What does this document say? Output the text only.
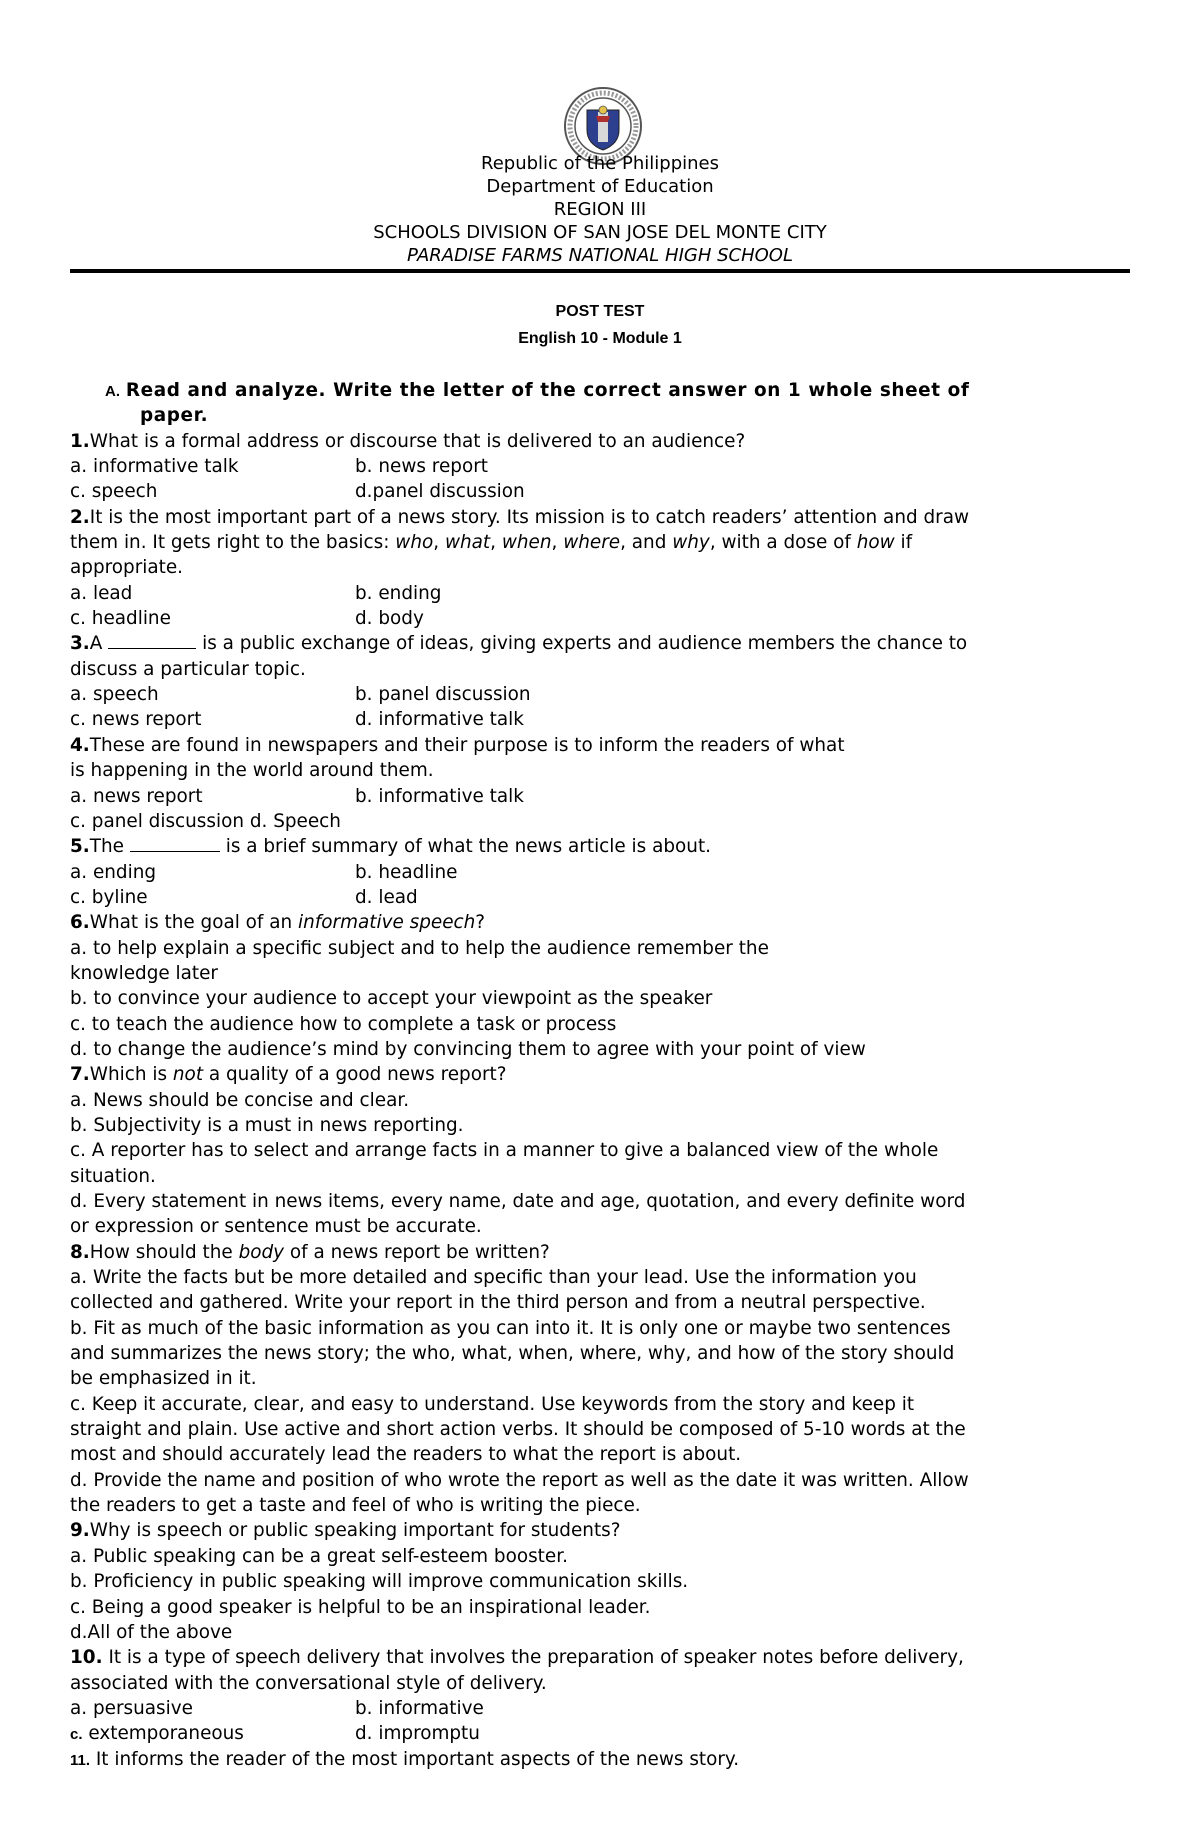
Republic of the Philippines
Department of Education
REGION III
SCHOOLS DIVISION OF SAN JOSE DEL MONTE CITY
PARADISE FARMS NATIONAL HIGH SCHOOL
POST TEST
English 10 - Module 1
A. Read and analyze. Write the letter of the correct answer on 1 whole sheet of
paper.
1.What is a formal address or discourse that is delivered to an audience?
a. informative talk	b. news report
c. speech	d.panel discussion
2.It is the most important part of a news story. Its mission is to catch readers’ attention and draw
them in. It gets right to the basics: who, what, when, where, and why, with a dose of how if
appropriate.
a. lead	b. ending
c. headline	d. body
3.A	is a public exchange of ideas, giving experts and audience members the chance to
discuss a particular topic.
a. speech	b. panel discussion
c. news report	d. informative talk
4.These are found in newspapers and their purpose is to inform the readers of what
is happening in the world around them.
a. news report	b. informative talk
c. panel discussion d. Speech
5.The	is a brief summary of what the news article is about.
a. ending	b. headline
c. byline	d. lead
6.What is the goal of an informative speech?
a. to help explain a specific subject and to help the audience remember the
knowledge later
b. to convince your audience to accept your viewpoint as the speaker
c. to teach the audience how to complete a task or process
d. to change the audience’s mind by convincing them to agree with your point of view
7.Which is not a quality of a good news report?
a. News should be concise and clear.
b. Subjectivity is a must in news reporting.
c. A reporter has to select and arrange facts in a manner to give a balanced view of the whole
situation.
d. Every statement in news items, every name, date and age, quotation, and every definite word
or expression or sentence must be accurate.
8.How should the body of a news report be written?
a. Write the facts but be more detailed and specific than your lead. Use the information you
collected and gathered. Write your report in the third person and from a neutral perspective.
b. Fit as much of the basic information as you can into it. It is only one or maybe two sentences
and summarizes the news story; the who, what, when, where, why, and how of the story should
be emphasized in it.
c. Keep it accurate, clear, and easy to understand. Use keywords from the story and keep it
straight and plain. Use active and short action verbs. It should be composed of 5-10 words at the
most and should accurately lead the readers to what the report is about.
d. Provide the name and position of who wrote the report as well as the date it was written. Allow
the readers to get a taste and feel of who is writing the piece.
9.Why is speech or public speaking important for students?
a. Public speaking can be a great self-esteem booster.
b. Proficiency in public speaking will improve communication skills.
c. Being a good speaker is helpful to be an inspirational leader.
d.All of the above
10. It is a type of speech delivery that involves the preparation of speaker notes before delivery,
associated with the conversational style of delivery.
a. persuasive	b. informative
c. extemporaneous	d. impromptu
11. It informs the reader of the most important aspects of the news story.
